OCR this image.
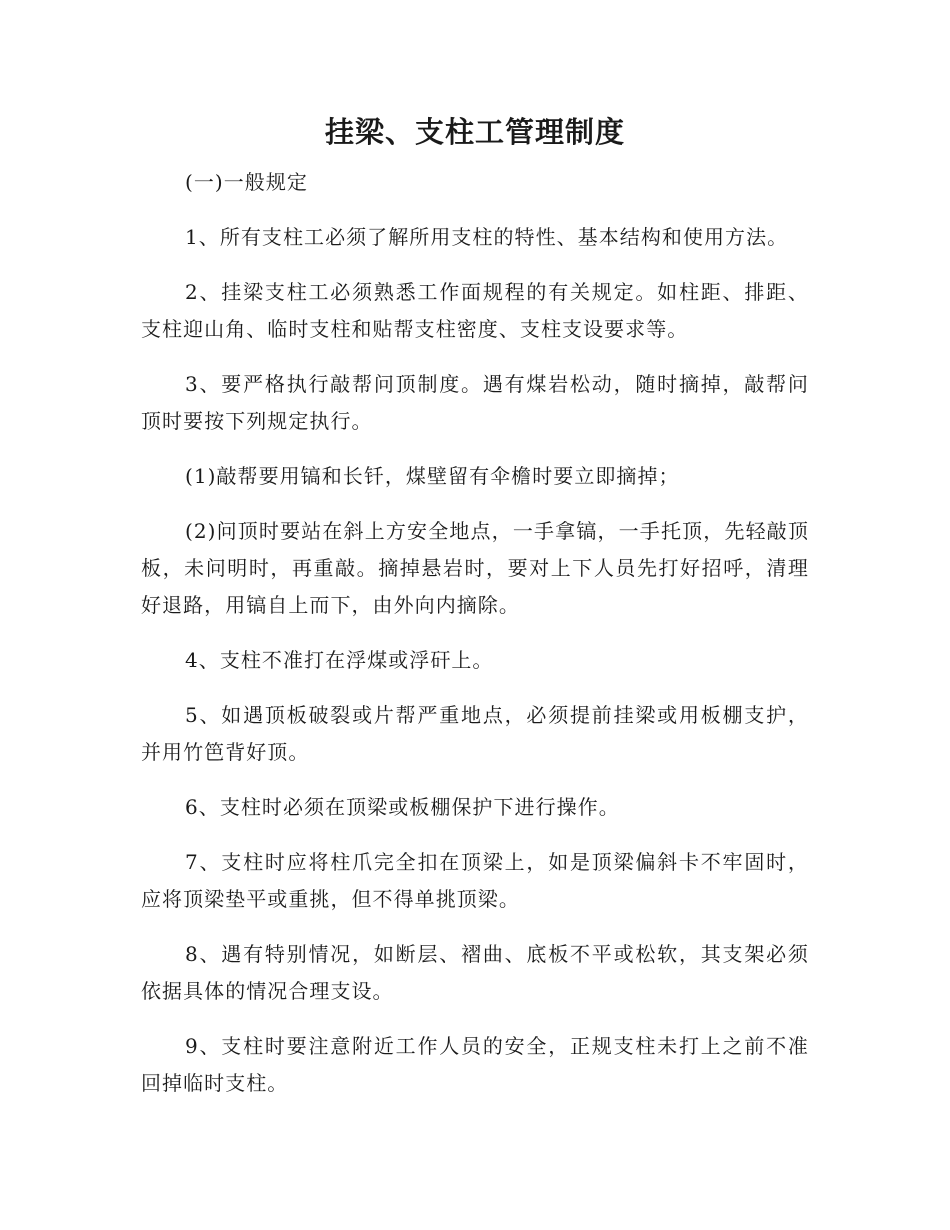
挂梁、支柱工管理制度

(一)一般规定

1、所有支柱工必须了解所用支柱的特性、基本结构和使用方法。

2、挂梁支柱工必须熟悉工作面规程的有关规定。如柱距、排距、支柱迎山角、临时支柱和贴帮支柱密度、支柱支设要求等。

3、要严格执行敲帮问顶制度。遇有煤岩松动，随时摘掉，敲帮问顶时要按下列规定执行。

(1)敲帮要用镐和长钎，煤壁留有伞檐时要立即摘掉；

(2)问顶时要站在斜上方安全地点，一手拿镐，一手托顶，先轻敲顶板，未问明时，再重敲。摘掉悬岩时，要对上下人员先打好招呼，清理好退路，用镐自上而下，由外向内摘除。

4、支柱不准打在浮煤或浮矸上。

5、如遇顶板破裂或片帮严重地点，必须提前挂梁或用板棚支护，并用竹笆背好顶。

6、支柱时必须在顶梁或板棚保护下进行操作。

7、支柱时应将柱爪完全扣在顶梁上，如是顶梁偏斜卡不牢固时，应将顶梁垫平或重挑，但不得单挑顶梁。

8、遇有特别情况，如断层、褶曲、底板不平或松软，其支架必须依据具体的情况合理支设。

9、支柱时要注意附近工作人员的安全，正规支柱未打上之前不准回掉临时支柱。
